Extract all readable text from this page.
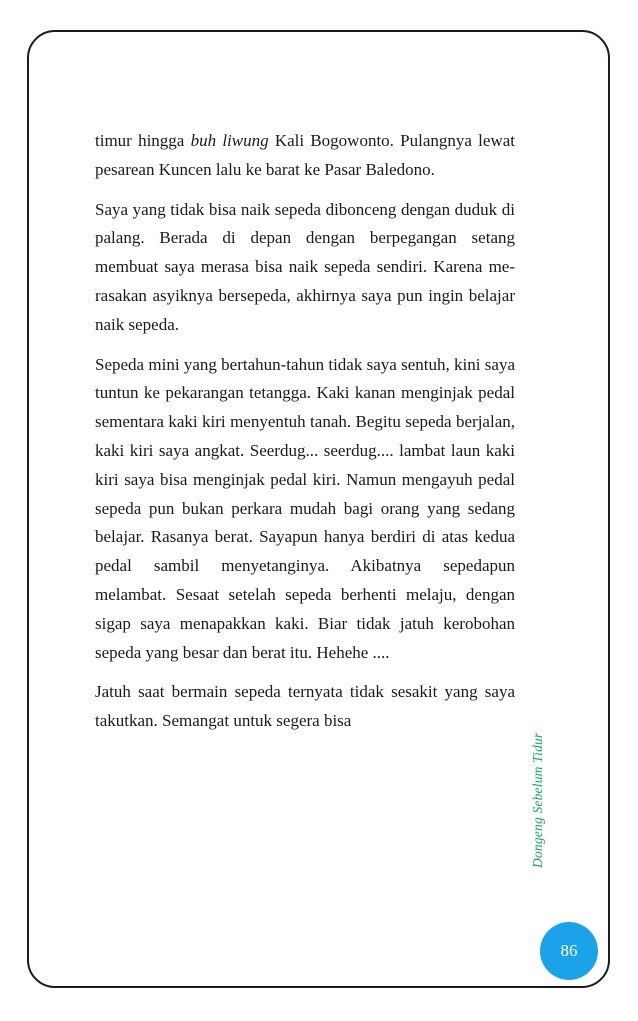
timur hingga buh liwung Kali Bogowonto. Pulangnya lewat pesarean Kuncen lalu ke barat ke Pasar Baledono.

Saya yang tidak bisa naik sepeda dibonceng dengan duduk di palang. Berada di depan dengan berpegangan setang membuat saya merasa bisa naik sepeda sendiri. Karena me-rasakan asyiknya bersepeda, akhirnya saya pun ingin belajar naik sepeda.

Sepeda mini yang bertahun-tahun tidak saya sentuh, kini saya tuntun ke pekarangan tetangga. Kaki kanan menginjak pedal sementara kaki kiri menyentuh tanah. Begitu sepeda berjalan, kaki kiri saya angkat. Seerdug... seerdug.... lambat laun kaki kiri saya bisa menginjak pedal kiri. Namun mengayuh pedal sepeda pun bukan perkara mudah bagi orang yang sedang belajar. Rasanya berat. Sayapun hanya berdiri di atas kedua pedal sambil menyetanginya. Akibatnya sepedapun melambat. Sesaat setelah sepeda berhenti melaju, dengan sigap saya menapakkan kaki. Biar tidak jatuh kerobohan sepeda yang besar dan berat itu. Hehehe ....

Jatuh saat bermain sepeda ternyata tidak sesakit yang saya takutkan. Semangat untuk segera bisa

Dongeng Sebelum Tidur
86
